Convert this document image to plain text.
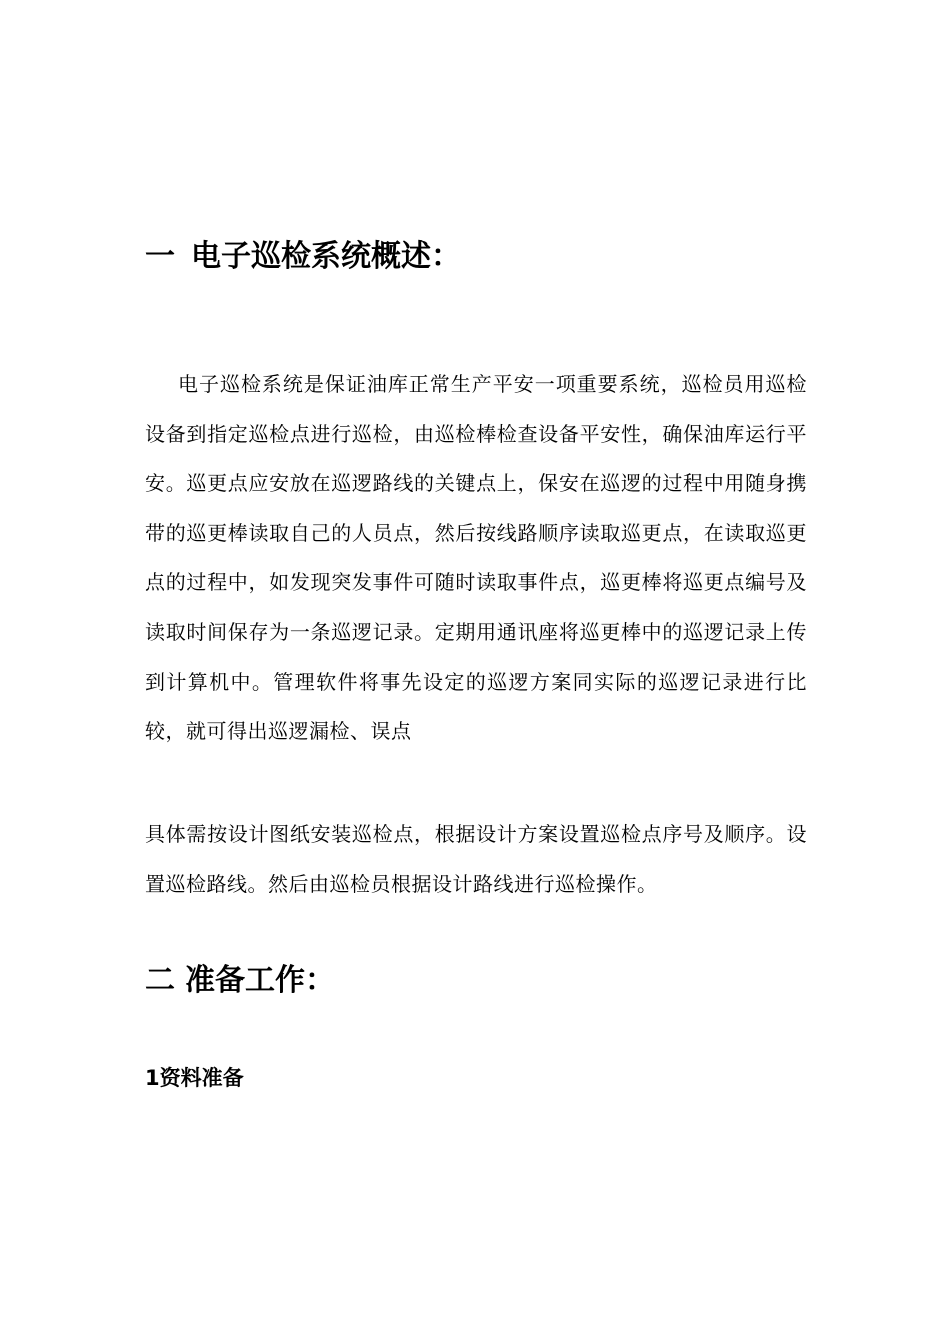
一 电子巡检系统概述：

电子巡检系统是保证油库正常生产平安一项重要系统，巡检员用巡检设备到指定巡检点进行巡检，由巡检棒检查设备平安性，确保油库运行平安。巡更点应安放在巡逻路线的关键点上，保安在巡逻的过程中用随身携带的巡更棒读取自己的人员点，然后按线路顺序读取巡更点，在读取巡更点的过程中，如发现突发事件可随时读取事件点，巡更棒将巡更点编号及读取时间保存为一条巡逻记录。定期用通讯座将巡更棒中的巡逻记录上传到计算机中。管理软件将事先设定的巡逻方案同实际的巡逻记录进行比较，就可得出巡逻漏检、误点

具体需按设计图纸安装巡检点，根据设计方案设置巡检点序号及顺序。设置巡检路线。然后由巡检员根据设计路线进行巡检操作。

二 准备工作：
1资料准备
